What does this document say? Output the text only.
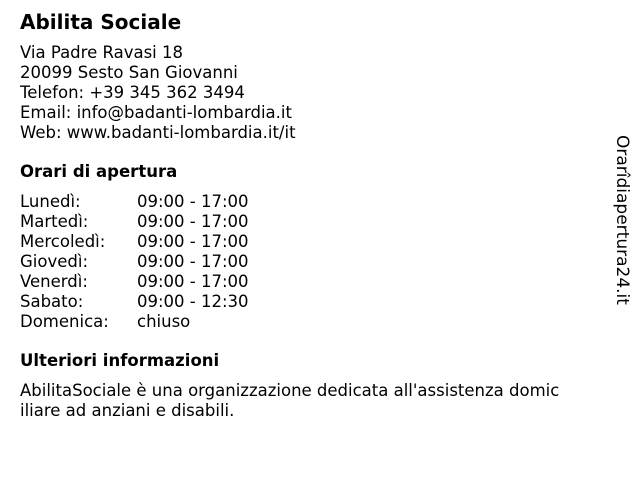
Abilita Sociale
Via Padre Ravasi 18
20099 Sesto San Giovanni
Telefon: +39 345 362 3494
Email: info@badanti-lombardia.it
Web: www.badanti-lombardia.it/it
Orari di apertura
Lunedì:	09:00 - 17:00
Martedì:	09:00 - 17:00
Mercoledì:	09:00 - 17:00
Giovedì:	09:00 - 17:00
Venerdì:	09:00 - 17:00
Sabato:	09:00 - 12:30
Domenica:	chiuso
Ulteriori informazioni
AbilitaSociale è una organizzazione dedicata all'assistenza domic
iliare ad anziani e disabili.
Orarîdiapertura24.it
